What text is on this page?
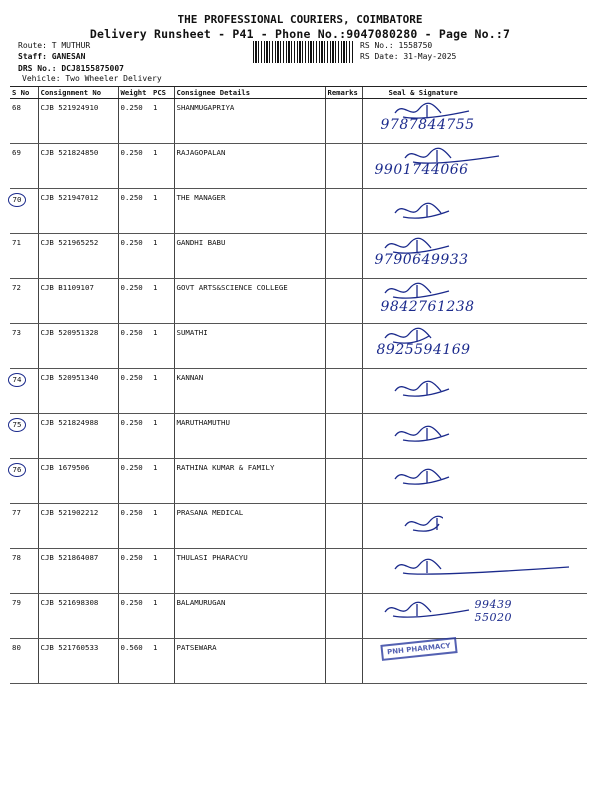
THE PROFESSIONAL COURIERS, COIMBATORE
Delivery Runsheet - P41 - Phone No.:9047080280 - Page No.:7
Route: T MUTHUR
Staff: GANESAN
DRS No.: DCJ8155875007
Vehicle: Two Wheeler Delivery
RS No.: 1558750
RS Date: 31-May-2025
S No	Consignment No	Weight	PCS	Consignee Details	Remarks	Seal & Signature
68	CJB 521924910	0.250	1	SHANMUGAPRIYA		9787844755

69	CJB 521824850	0.250	1	RAJAGOPALAN		9901744066

70	CJB 521947012	0.250	1	THE MANAGER		

71	CJB 521965252	0.250	1	GANDHI BABU		9790649933

72	CJB B1109107	0.250	1	GOVT ARTS&SCIENCE COLLEGE		9842761238

73	CJB 520951328	0.250	1	SUMATHI		8925594169

74	CJB 520951340	0.250	1	KANNAN		

75	CJB 521824988	0.250	1	MARUTHAMUTHU		

76	CJB 1679506	0.250	1	RATHINA KUMAR & FAMILY		

77	CJB 521902212	0.250	1	PRASANA MEDICAL		

78	CJB 521864087	0.250	1	THULASI PHARACYU		

79	CJB 521698308	0.250	1	BALAMURUGAN		99439 55020

80	CJB 521760533	0.560	1	PATSEWARA		PNH PHARMACY
